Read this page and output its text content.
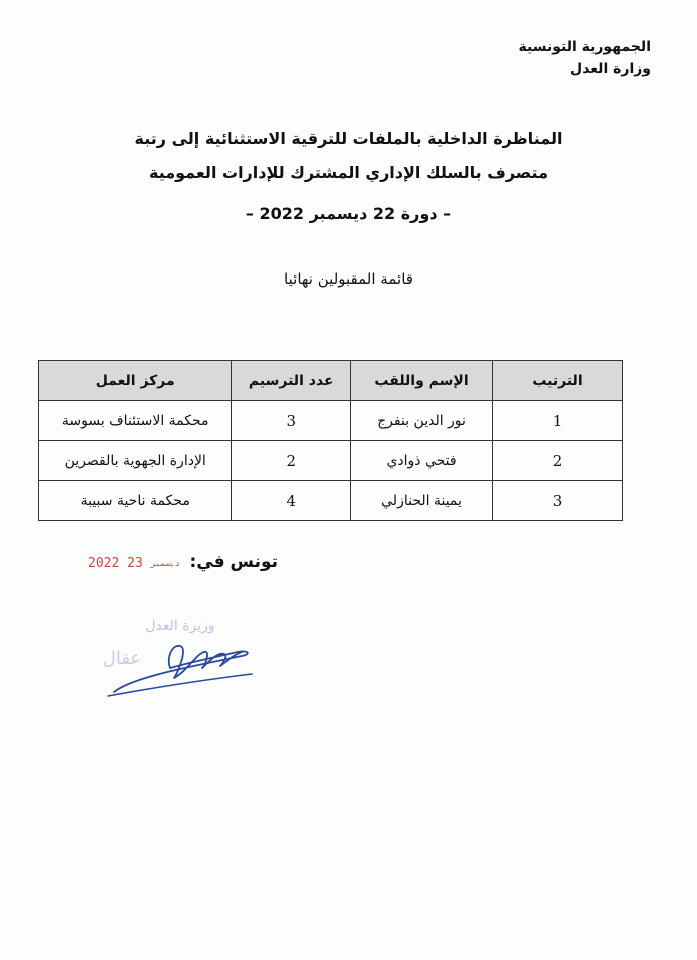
الجمهورية التونسية
وزارة العدل
المناظرة الداخلية بالملفات للترقية الاستثنائية إلى رتبة
متصرف بالسلك الإداري المشترك للإدارات العمومية
– دورة 22 ديسمبر 2022 –
قائمة المقبولين نهائيا
الترتيب	الإسم واللقب	عدد الترسيم	مركز العمل
1	نور الدين بنفرج	3	محكمة الاستئناف بسوسة
2	فتحي ذوادي	2	الإدارة الجهوية بالقصرين
3	يمينة الحنازلي	4	محكمة ناحية سبيبة
تونس في:
2022	ديسمبر 23
وزيرة العدل
عقال
